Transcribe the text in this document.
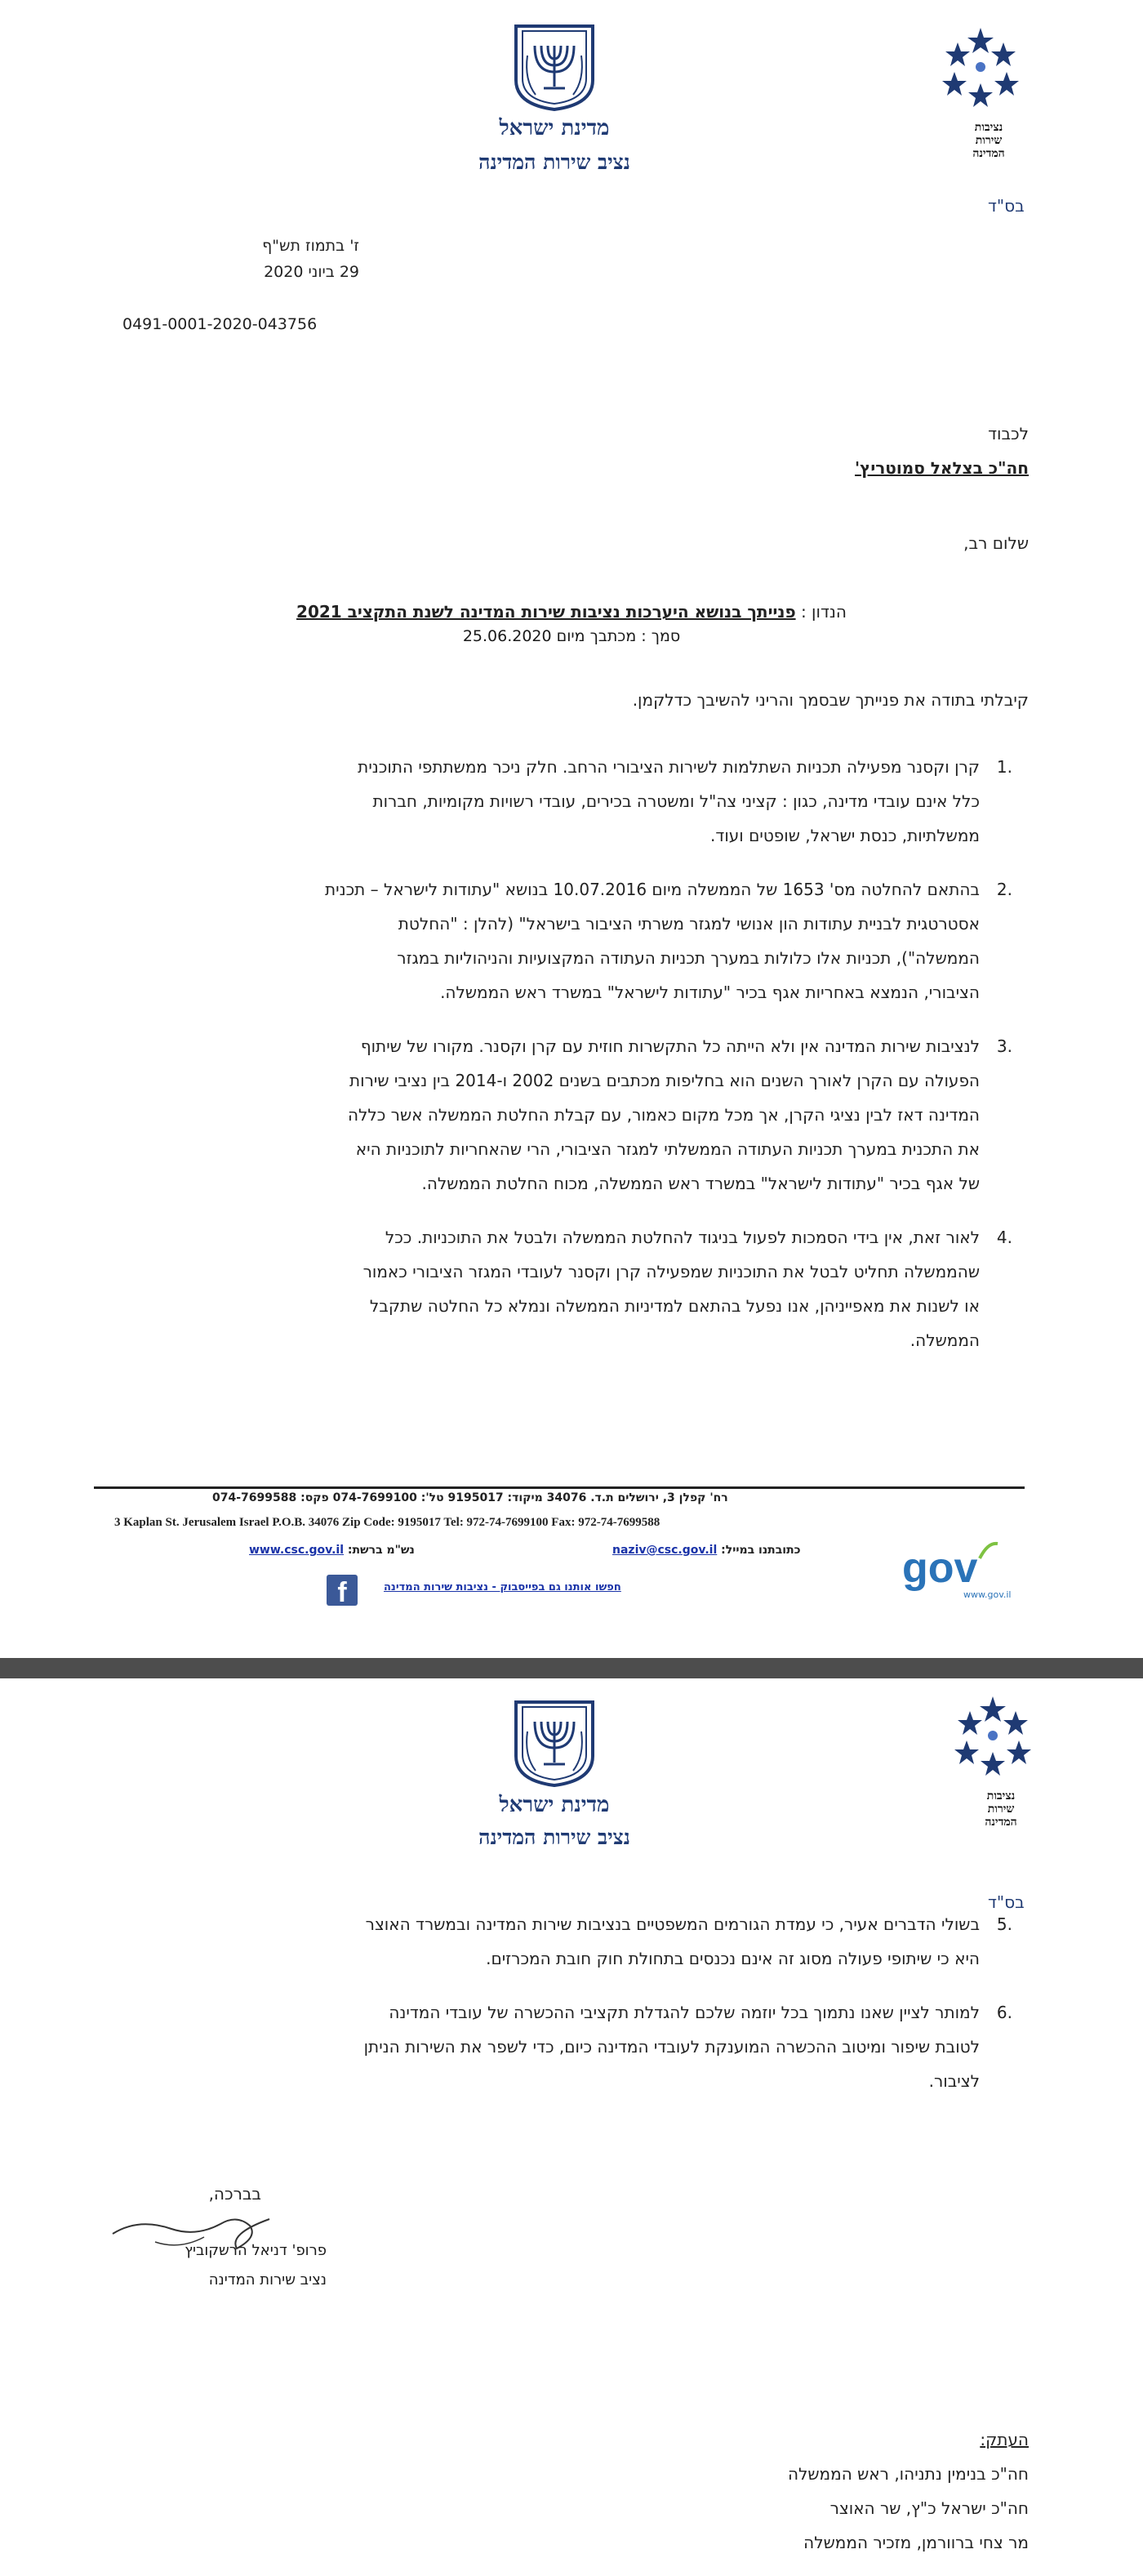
מדינת ישראל
נציב שירות המדינה
נציבות
שירות
המדינה
בס"ד
ז' בתמוז תש"ף
29 ביוני 2020
0491-0001-2020-043756
לכבוד
חה"כ בצלאל סמוטריץ'
שלום רב,
הנדון : פנייתך בנושא היערכות נציבות שירות המדינה לשנת התקציב 2021
סמך : מכתבך מיום 25.06.2020
קיבלתי בתודה את פנייתך שבסמך והריני להשיבך כדלקמן.
1.
קרן וקסנר מפעילה תכניות השתלמות לשירות הציבורי הרחב. חלק ניכר ממשתתפי התוכנית
כלל אינם עובדי מדינה, כגון : קציני צה"ל ומשטרה בכירים, עובדי רשויות מקומיות, חברות
ממשלתיות, כנסת ישראל, שופטים ועוד.
2.
בהתאם להחלטה מס' 1653 של הממשלה מיום 10.07.2016 בנושא "עתודות לישראל – תכנית
אסטרטגית לבניית עתודות הון אנושי למגזר משרתי הציבור בישראל" (להלן : "החלטת
הממשלה"), תכניות אלו כלולות במערך תכניות העתודה המקצועיות והניהוליות במגזר
הציבורי, הנמצא באחריות אגף בכיר "עתודות לישראל" במשרד ראש הממשלה.
3.
לנציבות שירות המדינה אין ולא הייתה כל התקשרות חוזית עם קרן וקסנר. מקורו של שיתוף
הפעולה עם הקרן לאורך השנים הוא בחליפות מכתבים בשנים 2002 ו-2014 בין נציבי שירות
המדינה דאז לבין נציגי הקרן, אך מכל מקום כאמור, עם קבלת החלטת הממשלה אשר כללה
את התכנית במערך תכניות העתודה הממשלתי למגזר הציבורי, הרי שהאחריות לתוכניות היא
של אגף בכיר "עתודות לישראל" במשרד ראש הממשלה, מכוח החלטת הממשלה.
4.
לאור זאת, אין בידי הסמכות לפעול בניגוד להחלטת הממשלה ולבטל את התוכניות. ככל
שהממשלה תחליט לבטל את התוכניות שמפעילה קרן וקסנר לעובדי המגזר הציבורי כאמור
או לשנות את מאפייניהן, אנו נפעל בהתאם למדיניות הממשלה ונמלא כל החלטה שתקבל
הממשלה.
רח' קפלן 3, ירושלים ת.ד. 34076 מיקוד: 9195017 טל': 074-7699100 פקס: 074-7699588
3 Kaplan St. Jerusalem Israel P.O.B. 34076 Zip Code: 9195017 Tel: 972-74-7699100 Fax: 972-74-7699588
כתובתנו במייל: naziv@csc.gov.il
נש"מ ברשת: www.csc.gov.il
f	חפשו אותנו גם בפייסבוק - נציבות שירות המדינה	gov
www.gov.il
מדינת ישראל
נציב שירות המדינה
נציבות
שירות
המדינה
בס"ד
5.
בשולי הדברים אעיר, כי עמדת הגורמים המשפטיים בנציבות שירות המדינה ובמשרד האוצר
היא כי שיתופי פעולה מסוג זה אינם נכנסים בתחולת חוק חובת המכרזים.
6.
למותר לציין שאנו נתמוך בכל יוזמה שלכם להגדלת תקציבי ההכשרה של עובדי המדינה
לטובת שיפור ומיטוב ההכשרה המוענקת לעובדי המדינה כיום, כדי לשפר את השירות הניתן
לציבור.
בברכה,
פרופ' דניאל הרשקוביץ
נציב שירות המדינה
העתק:
חה"כ בנימין נתניהו, ראש הממשלה
חה"כ ישראל כ"ץ, שר האוצר
מר צחי ברוורמן, מזכיר הממשלה
